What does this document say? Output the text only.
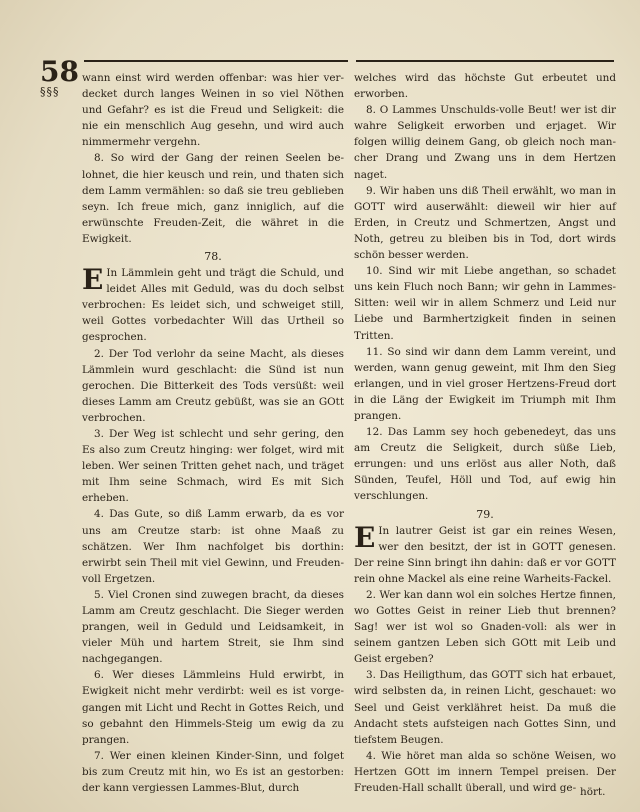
58
§§§

wann einst wird werden offenbar: was hier verdecket durch langes Weinen in so viel Nöthen und Gefahr? es ist die Freud und Seligkeit: die nie ein menschlich Aug gesehn, und wird auch nimmermehr vergehn.

8. So wird der Gang der reinen Seelen belohnet, die hier keusch und rein, und thaten sich dem Lamm vermählen: so daß sie treu geblieben seyn. Ich freue mich, ganz inniglich, auf die erwünschte Freuden-Zeit, die währet in die Ewigkeit.

78.

E In Lämmlein geht und trägt die Schuld, und leidet Alles mit Geduld, was du doch selbst verbrochen: Es leidet sich, und schweiget still, weil Gottes vorbedachter Will das Urtheil so gesprochen.

2. Der Tod verlohr da seine Macht, als dieses Lämmlein wurd geschlacht: die Sünd ist nun gerochen. Die Bitterkeit des Tods versüßt: weil dieses Lamm am Creutz gebüßt, was sie an GOtt verbrochen.

3. Der Weg ist schlecht und sehr gering, den Es also zum Creutz hinging: wer folget, wird mit leben. Wer seinen Tritten gehet nach, und träget mit Ihm seine Schmach, wird Es mit Sich erheben.

4. Das Gute, so diß Lamm erwarb, da es vor uns am Creutze starb: ist ohne Maaß zu schätzen. Wer Ihm nachfolget bis dorthin: erwirbt sein Theil mit viel Gewinn, und Freuden-voll Ergetzen.

5. Viel Cronen sind zuwegen bracht, da dieses Lamm am Creutz geschlacht. Die Sieger werden prangen, weil in Geduld und Leidsamkeit, in vieler Müh und hartem Streit, sie Ihm sind nachgegangen.

6. Wer dieses Lämmleins Huld erwirbt, in Ewigkeit nicht mehr verdirbt: weil es ist vorgegangen mit Licht und Recht in Gottes Reich, und so gebahnt den Himmels-Steig um ewig da zu prangen.

7. Wer einen kleinen Kinder-Sinn, und folget bis zum Creutz mit hin, wo Es ist an gestorben: der kann vergiessen Lammes-Blut, durch

welches wird das höchste Gut erbeutet und erworben.

8. O Lammes Unschulds-volle Beut! wer ist dir wahre Seligkeit erworben und erjaget. Wir folgen willig deinem Gang, ob gleich noch mancher Drang und Zwang uns in dem Hertzen naget.

9. Wir haben uns diß Theil erwählt, wo man in GOTT wird auserwählt: dieweil wir hier auf Erden, in Creutz und Schmertzen, Angst und Noth, getreu zu bleiben bis in Tod, dort wirds schön besser werden.

10. Sind wir mit Liebe angethan, so schadet uns kein Fluch noch Bann; wir gehn in Lammes-Sitten: weil wir in allem Schmerz und Leid nur Liebe und Barmhertzigkeit finden in seinen Tritten.

11. So sind wir dann dem Lamm vereint, und werden, wann genug geweint, mit Ihm den Sieg erlangen, und in viel groser Hertzens-Freud dort in die Läng der Ewigkeit im Triumph mit Ihm prangen.

12. Das Lamm sey hoch gebenedeyt, das uns am Creutz die Seligkeit, durch süße Lieb, errungen: und uns erlöst aus aller Noth, daß Sünden, Teufel, Höll und Tod, auf ewig hin verschlungen.

79.

E In lautrer Geist ist gar ein reines Wesen, wer den besitzt, der ist in GOTT genesen. Der reine Sinn bringt ihn dahin: daß er vor GOTT rein ohne Mackel als eine reine Warheits-Fackel.

2. Wer kan dann wol ein solches Hertze finnen, wo Gottes Geist in reiner Lieb thut brennen? Sag! wer ist wol so Gnaden-voll: als wer in seinem gantzen Leben sich GOtt mit Leib und Geist ergeben?

3. Das Heiligthum, das GOTT sich hat erbauet, wird selbsten da, in reinen Licht, geschauet: wo Seel und Geist verklähret heist. Da muß die Andacht stets aufsteigen nach Gottes Sinn, und tiefstem Beugen.

4. Wie höret man alda so schöne Weisen, wo Hertzen GOtt im innern Tempel preisen. Der Freuden-Hall schallt überall, und wird ge- hört.
